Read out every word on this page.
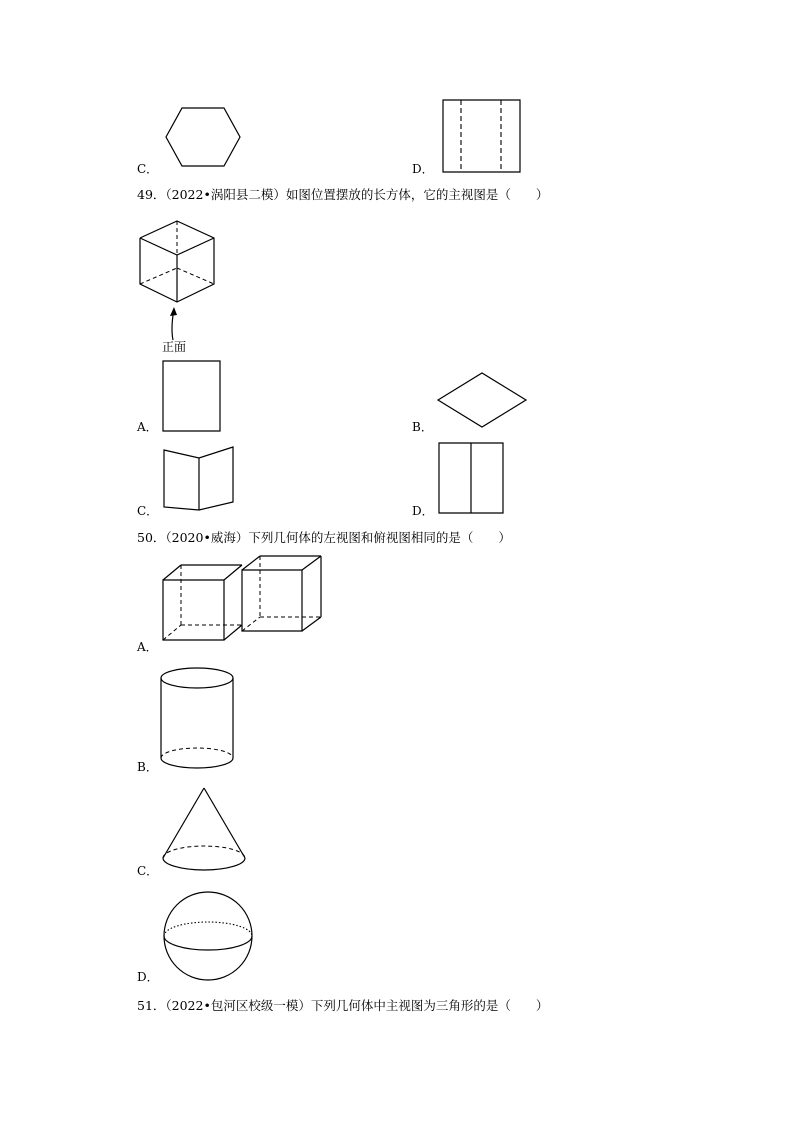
C．	D．
49．（2022•涡阳县二模）如图位置摆放的长方体，它的主视图是（　　）
正面
A．	B．
C．	D．
50．（2020•威海）下列几何体的左视图和俯视图相同的是（　　）
A．
B．
C．
D．
51．（2022•包河区校级一模）下列几何体中主视图为三角形的是（　　）
